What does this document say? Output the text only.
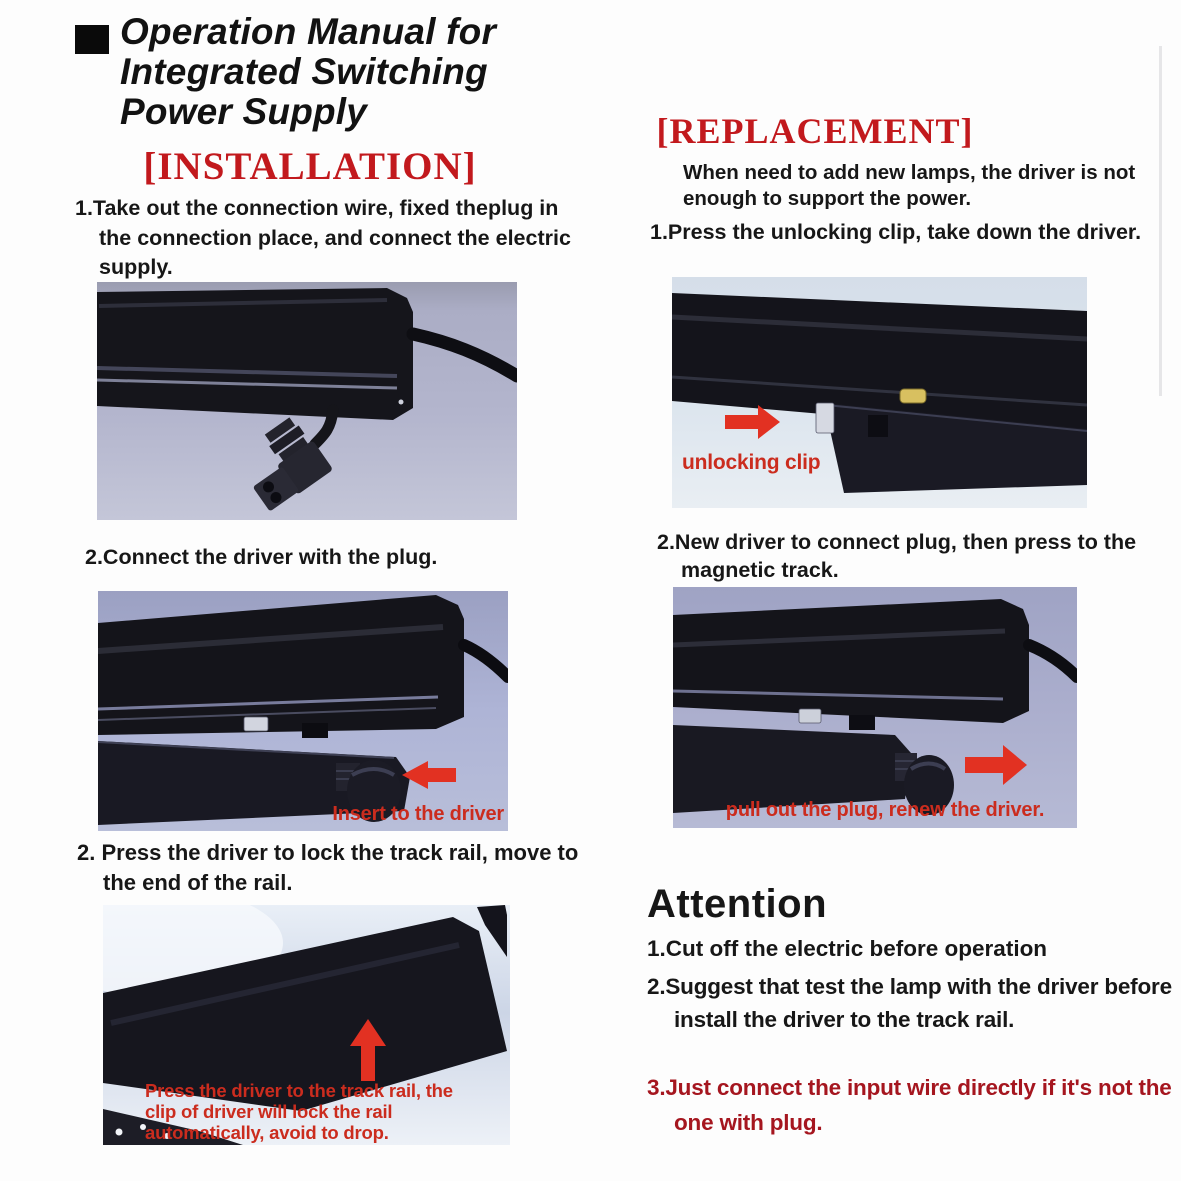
Operation Manual for
Integrated Switching
Power Supply
[INSTALLATION]

1.Take out the connection wire, fixed theplug in the connection place, and connect the electric supply.

2.Connect the driver with the plug.

Insert to the driver

2. Press the driver to lock the track rail, move to the end of the rail.

Press the driver to the track rail, the
clip of driver will lock the rail
automatically, avoid to drop.
[REPLACEMENT]

When need to add new lamps, the driver is not enough to support the power.

1.Press the unlocking clip, take down the driver.

unlocking clip

2.New driver to connect plug, then press to the magnetic track.

pull out the plug, renew the driver.
Attention

1.Cut off the electric before operation

2.Suggest that test the lamp with the driver before install the driver to the track rail.

3.Just connect the input wire directly if it's not the one with plug.
